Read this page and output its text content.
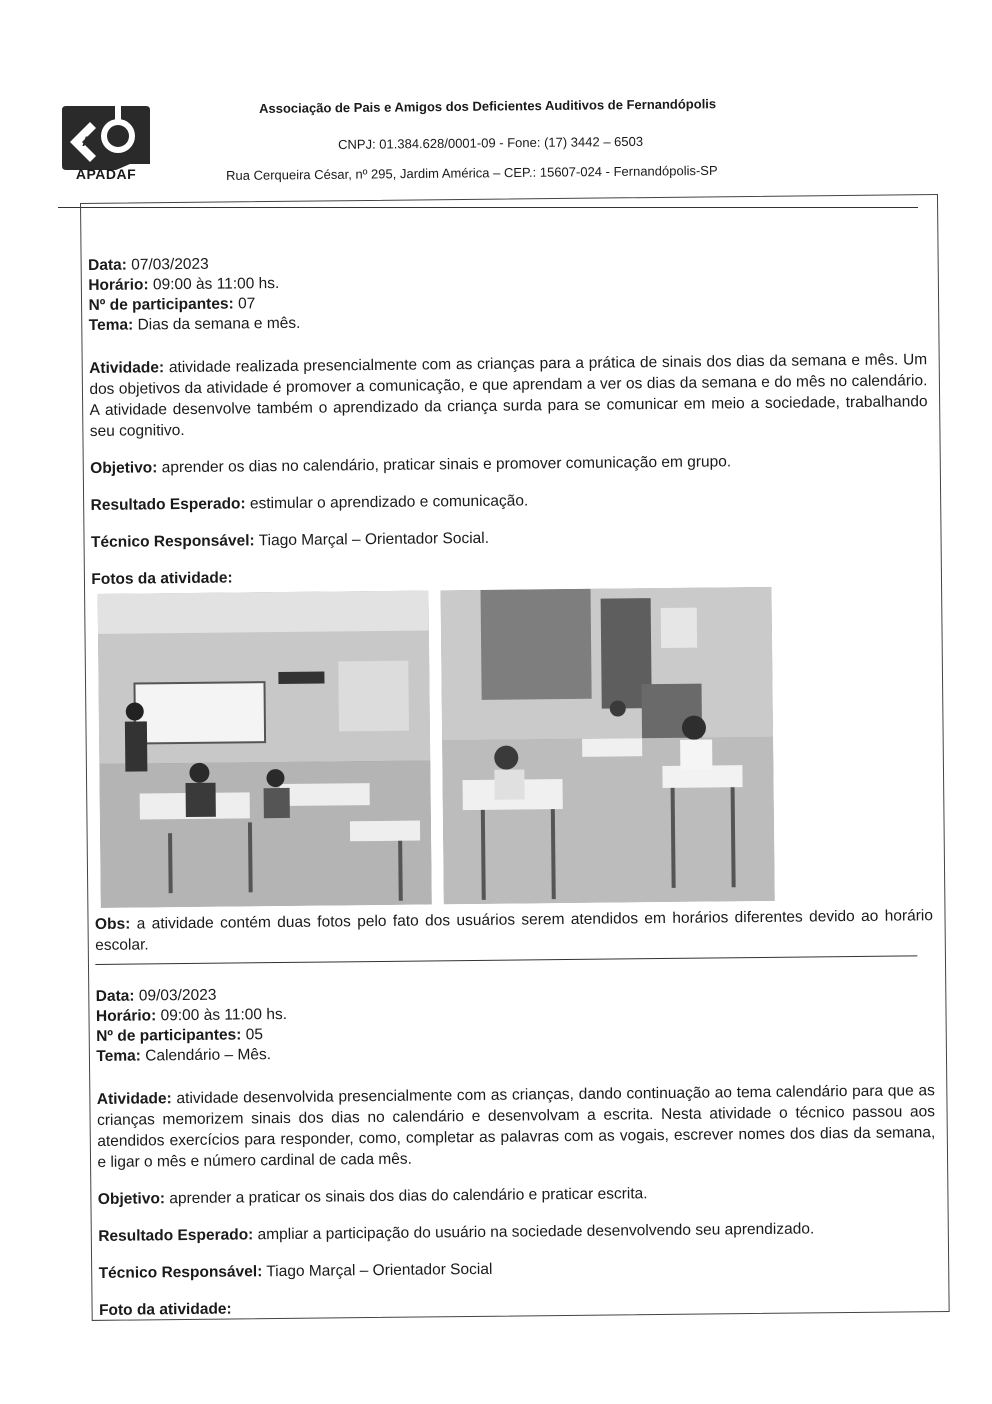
A
APADAF
Associação de Pais e Amigos dos Deficientes Auditivos de Fernandópolis
CNPJ: 01.384.628/0001-09 - Fone: (17) 3442 – 6503
Rua Cerqueira César, nº 295, Jardim América – CEP.: 15607-024 - Fernandópolis-SP
Data: 07/03/2023
Horário: 09:00 às 11:00 hs.
Nº de participantes: 07
Tema: Dias da semana e mês.
Atividade: atividade realizada presencialmente com as crianças para a prática de sinais dos dias da semana e mês. Um dos objetivos da atividade é promover a comunicação, e que aprendam a ver os dias da semana e do mês no calendário. A atividade desenvolve também o aprendizado da criança surda para se comunicar em meio a sociedade, trabalhando seu cognitivo.
Objetivo: aprender os dias no calendário, praticar sinais e promover comunicação em grupo.
Resultado Esperado: estimular o aprendizado e comunicação.
Técnico Responsável: Tiago Marçal – Orientador Social.
Fotos da atividade:
Obs: a atividade contém duas fotos pelo fato dos usuários serem atendidos em horários diferentes devido ao horário escolar.
Data: 09/03/2023
Horário: 09:00 às 11:00 hs.
Nº de participantes: 05
Tema: Calendário – Mês.
Atividade: atividade desenvolvida presencialmente com as crianças, dando continuação ao tema calendário para que as crianças memorizem sinais dos dias no calendário e desenvolvam a escrita. Nesta atividade o técnico passou aos atendidos exercícios para responder, como, completar as palavras com as vogais, escrever nomes dos dias da semana, e ligar o mês e número cardinal de cada mês.
Objetivo: aprender a praticar os sinais dos dias do calendário e praticar escrita.
Resultado Esperado: ampliar a participação do usuário na sociedade desenvolvendo seu aprendizado.
Técnico Responsável: Tiago Marçal – Orientador Social
Foto da atividade:
